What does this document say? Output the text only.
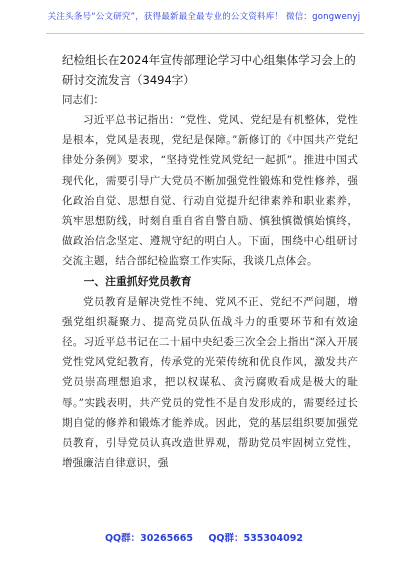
关注头条号“公文研究”，获得最新最全最专业的公文资料库！ 微信：gongwenyj

纪检组长在2024年宣传部理论学习中心组集体学习会上的研讨交流发言（3494字）

同志们：

习近平总书记指出：“党性、党风、党纪是有机整体，党性是根本，党风是表现，党纪是保障。”新修订的《中国共产党纪律处分条例》要求，“坚持党性党风党纪一起抓”。推进中国式现代化，需要引导广大党员不断加强党性锻炼和党性修养，强化政治自觉、思想自觉、行动自觉提升纪律素养和职业素养，筑牢思想防线，时刻自重自省自警自励、慎独慎微慎始慎终，做政治信念坚定、遵规守纪的明白人。下面，围绕中心组研讨交流主题，结合部纪检监察工作实际，我谈几点体会。

一、注重抓好党员教育

党员教育是解决党性不纯、党风不正、党纪不严问题，增强党组织凝聚力、提高党员队伍战斗力的重要环节和有效途径。习近平总书记在二十届中央纪委三次全会上指出“深入开展党性党风党纪教育，传承党的光荣传统和优良作风，激发共产党员崇高理想追求，把以权谋私、贪污腐败看成是极大的耻辱。”实践表明，共产党员的党性不是自发形成的，需要经过长期自觉的修养和锻炼才能养成。因此，党的基层组织要加强党员教育，引导党员认真改造世界观，帮助党员牢固树立党性，增强廉洁自律意识，强

QQ群：30265665 QQ群：535304092
